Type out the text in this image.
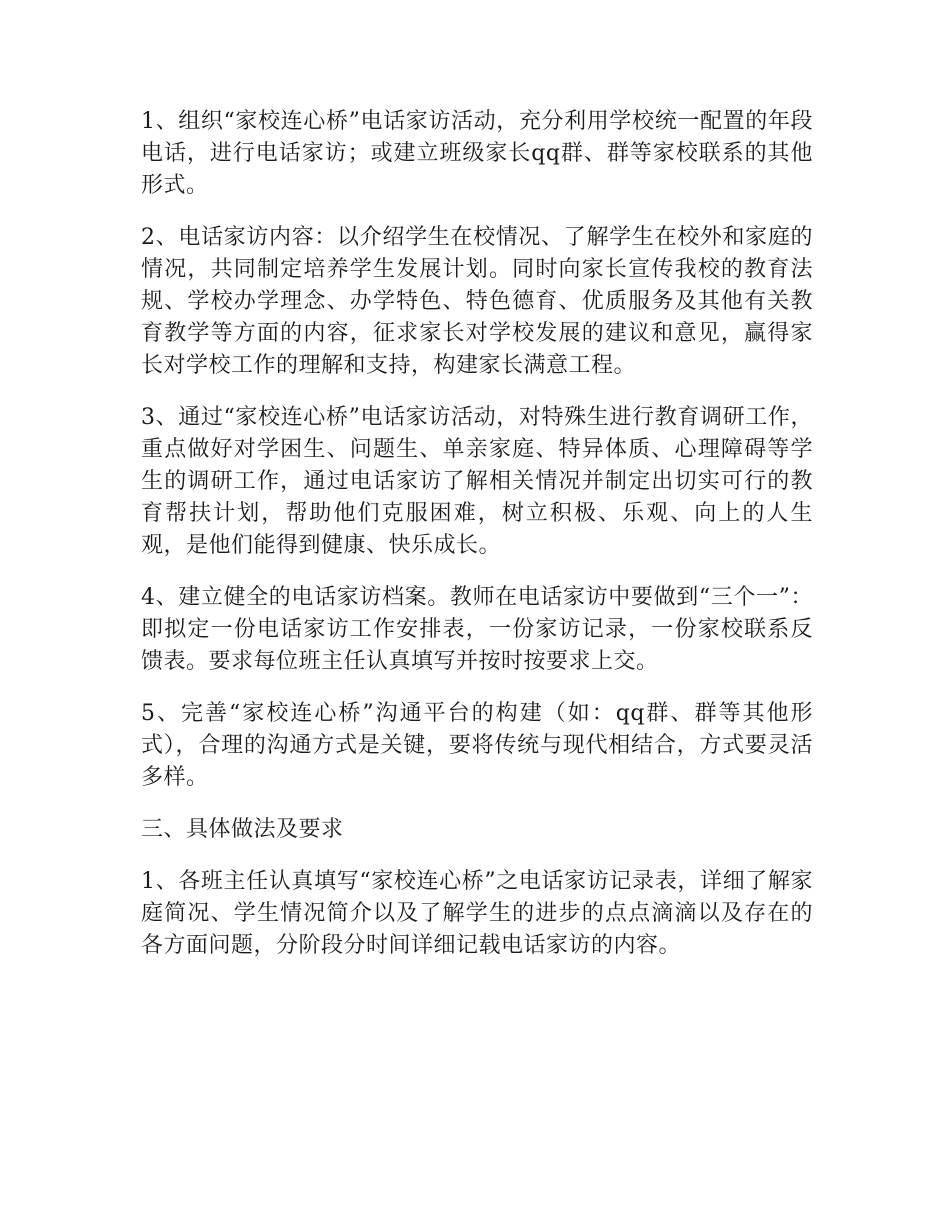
1、组织“家校连心桥”电话家访活动，充分利用学校统一配置的年段电话，进行电话家访；或建立班级家长qq群、群等家校联系的其他形式。

2、电话家访内容：以介绍学生在校情况、了解学生在校外和家庭的情况，共同制定培养学生发展计划。同时向家长宣传我校的教育法规、学校办学理念、办学特色、特色德育、优质服务及其他有关教育教学等方面的内容，征求家长对学校发展的建议和意见，赢得家长对学校工作的理解和支持，构建家长满意工程。

3、通过“家校连心桥”电话家访活动，对特殊生进行教育调研工作，重点做好对学困生、问题生、单亲家庭、特异体质、心理障碍等学生的调研工作，通过电话家访了解相关情况并制定出切实可行的教育帮扶计划，帮助他们克服困难，树立积极、乐观、向上的人生观，是他们能得到健康、快乐成长。

4、建立健全的电话家访档案。教师在电话家访中要做到“三个一”：即拟定一份电话家访工作安排表，一份家访记录，一份家校联系反馈表。要求每位班主任认真填写并按时按要求上交。

5、完善“家校连心桥”沟通平台的构建（如：qq群、群等其他形式），合理的沟通方式是关键，要将传统与现代相结合，方式要灵活多样。

三、具体做法及要求

1、各班主任认真填写“家校连心桥”之电话家访记录表，详细了解家庭简况、学生情况简介以及了解学生的进步的点点滴滴以及存在的各方面问题，分阶段分时间详细记载电话家访的内容。
